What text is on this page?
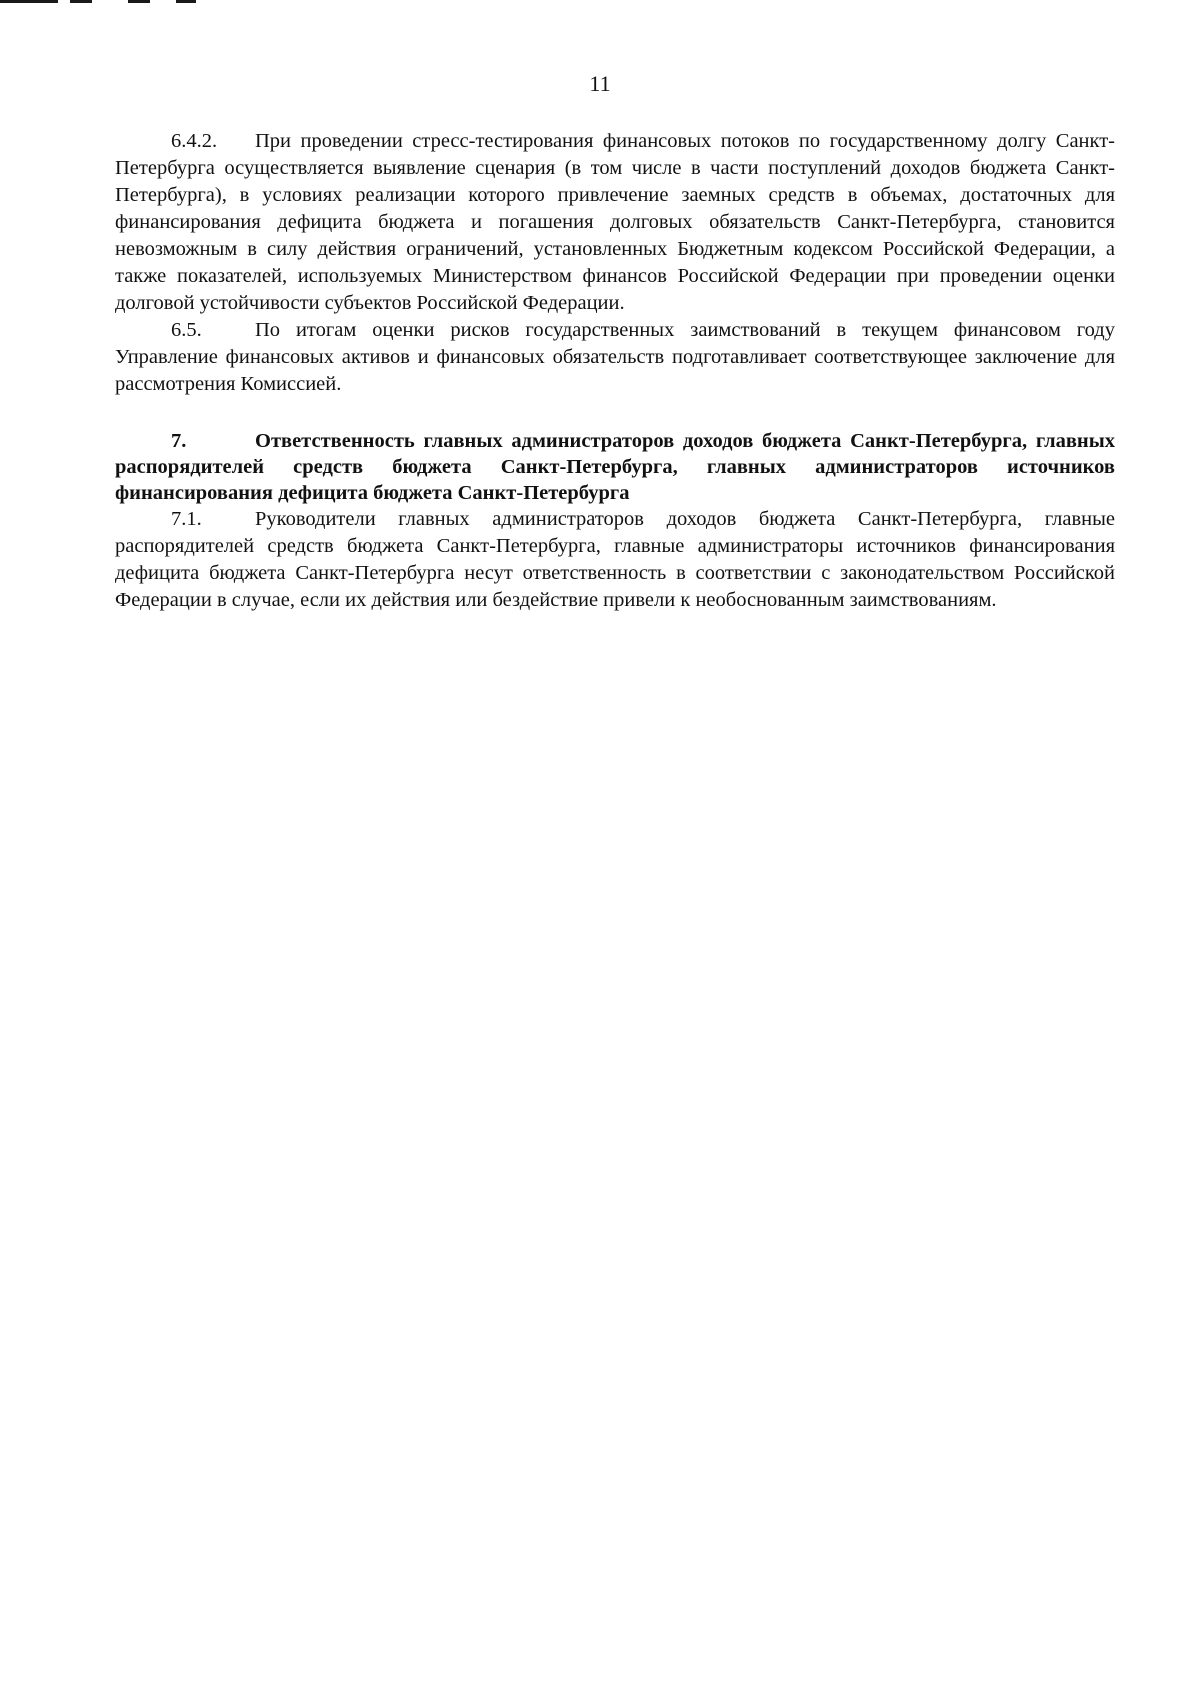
11

6.4.2. При проведении стресс-тестирования финансовых потоков по государственному долгу Санкт-Петербурга осуществляется выявление сценария (в том числе в части поступлений доходов бюджета Санкт-Петербурга), в условиях реализации которого привлечение заемных средств в объемах, достаточных для финансирования дефицита бюджета и погашения долговых обязательств Санкт-Петербурга, становится невозможным в силу действия ограничений, установленных Бюджетным кодексом Российской Федерации, а также показателей, используемых Министерством финансов Российской Федерации при проведении оценки долговой устойчивости субъектов Российской Федерации.

6.5.	По итогам оценки рисков государственных заимствований в текущем финансовом году Управление финансовых активов и финансовых обязательств подготавливает соответствующее заключение для рассмотрения Комиссией.

7.	Ответственность главных администраторов доходов бюджета Санкт-Петербурга, главных распорядителей средств бюджета Санкт-Петербурга, главных администраторов источников финансирования дефицита бюджета Санкт-Петербурга

7.1.	Руководители главных администраторов доходов бюджета Санкт-Петербурга, главные распорядителей средств бюджета Санкт-Петербурга, главные администраторы источников финансирования дефицита бюджета Санкт-Петербурга несут ответственность в соответствии с законодательством Российской Федерации в случае, если их действия или бездействие привели к необоснованным заимствованиям.
